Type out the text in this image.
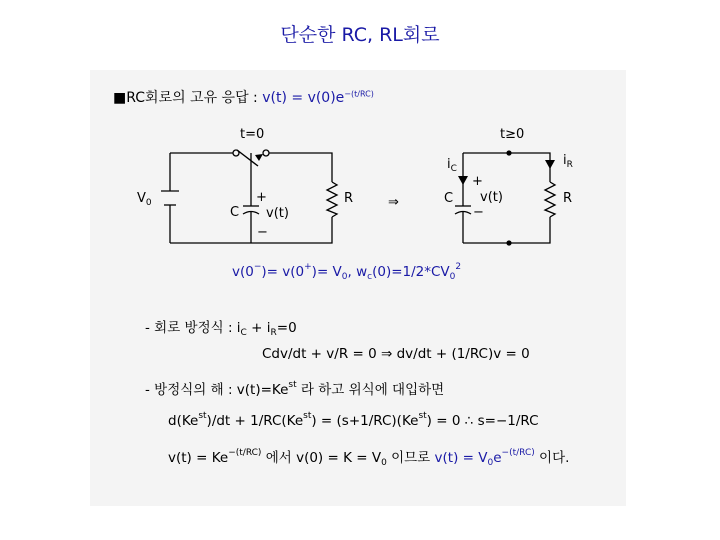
단순한 RC, RL회로
■RC회로의 고유 응답 : $v(t) = v(0)e^{-(t/RC)}$
t=0
$V_0$
C
+
v(t)
−
R	⇒
t≥0
$i_C$
$i_R$
C
+
v(t)
−
R
$v(0^-)= v(0^+)= V_0$, $w_c(0)=1/2*CV_0^2$
- 회로 방정식 : $i_C + i_R=0$
Cdv/dt + v/R = 0 ⇒ dv/dt + (1/RC)v = 0
- 방정식의 해 : $v(t)=Ke^{st}$ 라 하고 위식에 대입하면
$d(Ke^{st})/dt + 1/RC(Ke^{st}) = (s+1/RC)(Ke^{st}) = 0$ ∴ s=−1/RC
$v(t) = Ke^{-(t/RC)}$ 에서 $v(0) = K = V_0$ 이므로 $v(t) = V_0e^{-(t/RC)}$ 이다.
